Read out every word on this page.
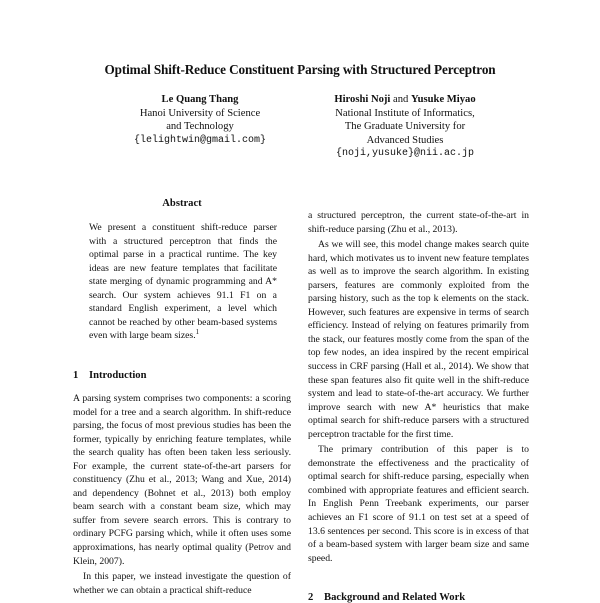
Optimal Shift-Reduce Constituent Parsing with Structured Perceptron
Le Quang Thang
Hanoi University of Science
and Technology
{lelightwin@gmail.com}
Hiroshi Noji and Yusuke Miyao
National Institute of Informatics,
The Graduate University for
Advanced Studies
{noji,yusuke}@nii.ac.jp
Abstract
We present a constituent shift-reduce parser with a structured perceptron that finds the optimal parse in a practical runtime. The key ideas are new feature templates that facilitate state merging of dynamic programming and A* search. Our system achieves 91.1 F1 on a standard English experiment, a level which cannot be reached by other beam-based systems even with large beam sizes.$^1$
1 Introduction

A parsing system comprises two components: a scoring model for a tree and a search algorithm. In shift-reduce parsing, the focus of most previous studies has been the former, typically by enriching feature templates, while the search quality has often been taken less seriously. For example, the current state-of-the-art parsers for constituency (Zhu et al., 2013; Wang and Xue, 2014) and dependency (Bohnet et al., 2013) both employ beam search with a constant beam size, which may suffer from severe search errors. This is contrary to ordinary PCFG parsing which, while it often uses some approximations, has nearly optimal quality (Petrov and Klein, 2007).

In this paper, we instead investigate the question of whether we can obtain a practical shift-reduce

a structured perceptron, the current state-of-the-art in shift-reduce parsing (Zhu et al., 2013).

As we will see, this model change makes search quite hard, which motivates us to invent new feature templates as well as to improve the search algorithm. In existing parsers, features are commonly exploited from the parsing history, such as the top k elements on the stack. However, such features are expensive in terms of search efficiency. Instead of relying on features primarily from the stack, our features mostly come from the span of the top few nodes, an idea inspired by the recent empirical success in CRF parsing (Hall et al., 2014). We show that these span features also fit quite well in the shift-reduce system and lead to state-of-the-art accuracy. We further improve search with new A* heuristics that make optimal search for shift-reduce parsers with a structured perceptron tractable for the first time.

The primary contribution of this paper is to demonstrate the effectiveness and the practicality of optimal search for shift-reduce parsing, especially when combined with appropriate features and efficient search. In English Penn Treebank experiments, our parser achieves an F1 score of 91.1 on test set at a speed of 13.6 sentences per second. This score is in excess of that of a beam-based system with larger beam size and same speed.

2 Background and Related Work
